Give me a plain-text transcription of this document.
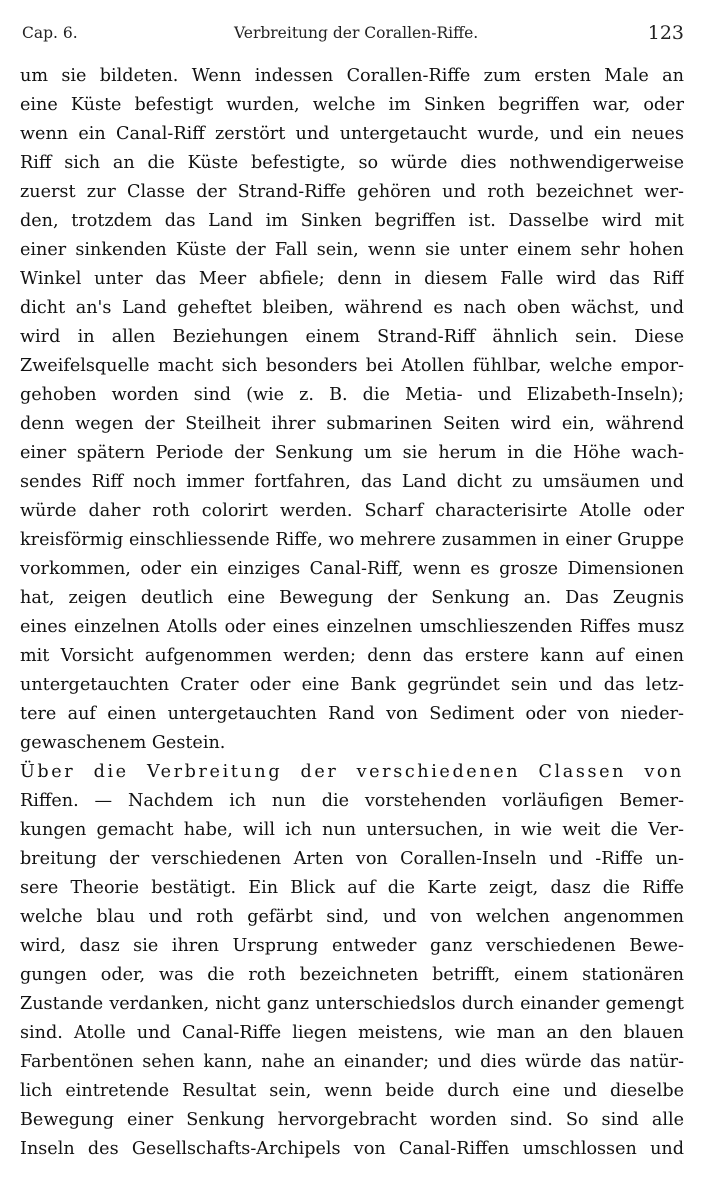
Cap. 6.	Verbreitung der Corallen-Riffe.	123
um sie bildeten. Wenn indessen Corallen-Riffe zum ersten Male an
eine Küste befestigt wurden, welche im Sinken begriffen war, oder
wenn ein Canal-Riff zerstört und untergetaucht wurde, und ein neues
Riff sich an die Küste befestigte, so würde dies nothwendigerweise
zuerst zur Classe der Strand-Riffe gehören und roth bezeichnet wer-
den, trotzdem das Land im Sinken begriffen ist. Dasselbe wird mit
einer sinkenden Küste der Fall sein, wenn sie unter einem sehr hohen
Winkel unter das Meer abfiele; denn in diesem Falle wird das Riff
dicht an's Land geheftet bleiben, während es nach oben wächst, und
wird in allen Beziehungen einem Strand-Riff ähnlich sein. Diese
Zweifelsquelle macht sich besonders bei Atollen fühlbar, welche empor-
gehoben worden sind (wie z. B. die Metia- und Elizabeth-Inseln);
denn wegen der Steilheit ihrer submarinen Seiten wird ein, während
einer spätern Periode der Senkung um sie herum in die Höhe wach-
sendes Riff noch immer fortfahren, das Land dicht zu umsäumen und
würde daher roth colorirt werden. Scharf characterisirte Atolle oder
kreisförmig einschliessende Riffe, wo mehrere zusammen in einer Gruppe
vorkommen, oder ein einziges Canal-Riff, wenn es grosze Dimensionen
hat, zeigen deutlich eine Bewegung der Senkung an. Das Zeugnis
eines einzelnen Atolls oder eines einzelnen umschlieszenden Riffes musz
mit Vorsicht aufgenommen werden; denn das erstere kann auf einen
untergetauchten Crater oder eine Bank gegründet sein und das letz-
tere auf einen untergetauchten Rand von Sediment oder von nieder-
gewaschenem Gestein.
Über die Verbreitung der verschiedenen Classen von
Riffen. — Nachdem ich nun die vorstehenden vorläufigen Bemer-
kungen gemacht habe, will ich nun untersuchen, in wie weit die Ver-
breitung der verschiedenen Arten von Corallen-Inseln und -Riffe un-
sere Theorie bestätigt. Ein Blick auf die Karte zeigt, dasz die Riffe
welche blau und roth gefärbt sind, und von welchen angenommen
wird, dasz sie ihren Ursprung entweder ganz verschiedenen Bewe-
gungen oder, was die roth bezeichneten betrifft, einem stationären
Zustande verdanken, nicht ganz unterschiedslos durch einander gemengt
sind. Atolle und Canal-Riffe liegen meistens, wie man an den blauen
Farbentönen sehen kann, nahe an einander; und dies würde das natür-
lich eintretende Resultat sein, wenn beide durch eine und dieselbe
Bewegung einer Senkung hervorgebracht worden sind. So sind alle
Inseln des Gesellschafts-Archipels von Canal-Riffen umschlossen und
